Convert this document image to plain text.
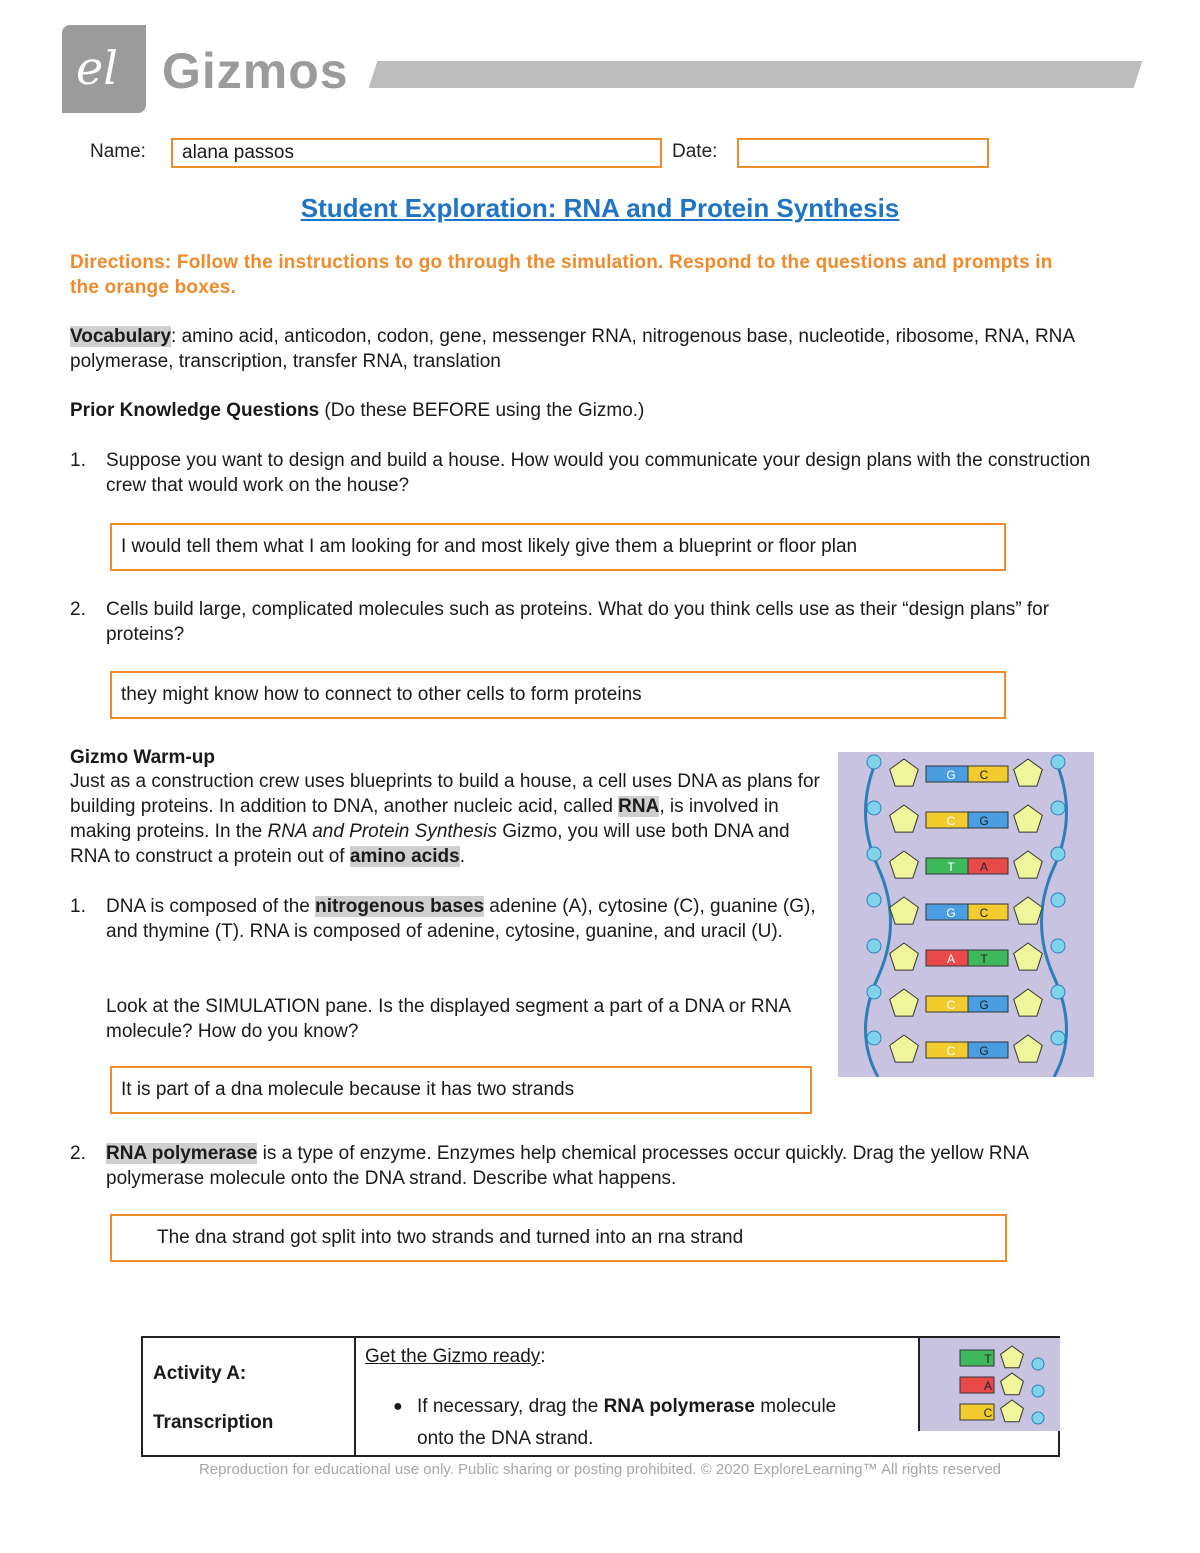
el Gizmos
Name:	alana passos	Date:
Student Exploration: RNA and Protein Synthesis
Directions: Follow the instructions to go through the simulation. Respond to the questions and prompts in the orange boxes.
Vocabulary: amino acid, anticodon, codon, gene, messenger RNA, nitrogenous base, nucleotide, ribosome, RNA, RNA polymerase, transcription, transfer RNA, translation
Prior Knowledge Questions (Do these BEFORE using the Gizmo.)
1. Suppose you want to design and build a house. How would you communicate your design plans with the construction crew that would work on the house?
I would tell them what I am looking for and most likely give them a blueprint or floor plan
2. Cells build large, complicated molecules such as proteins. What do you think cells use as their “design plans” for proteins?
they might know how to connect to other cells to form proteins
Gizmo Warm-up
Just as a construction crew uses blueprints to build a house, a cell uses DNA as plans for building proteins. In addition to DNA, another nucleic acid, called RNA, is involved in making proteins. In the RNA and Protein Synthesis Gizmo, you will use both DNA and RNA to construct a protein out of amino acids.
1. DNA is composed of the nitrogenous bases adenine (A), cytosine (C), guanine (G), and thymine (T). RNA is composed of adenine, cytosine, guanine, and uracil (U).
Look at the SIMULATION pane. Is the displayed segment a part of a DNA or RNA molecule? How do you know?
It is part of a dna molecule because it has two strands
G C
C G
T A
G C
A T
C G
C G
2. RNA polymerase is a type of enzyme. Enzymes help chemical processes occur quickly. Drag the yellow RNA polymerase molecule onto the DNA strand. Describe what happens.
The dna strand got split into two strands and turned into an rna strand
Activity A:
Transcription
Get the Gizmo ready:
● If necessary, drag the RNA polymerase molecule
onto the DNA strand.
T
A
C
Reproduction for educational use only. Public sharing or posting prohibited. © 2020 ExploreLearning™ All rights reserved
